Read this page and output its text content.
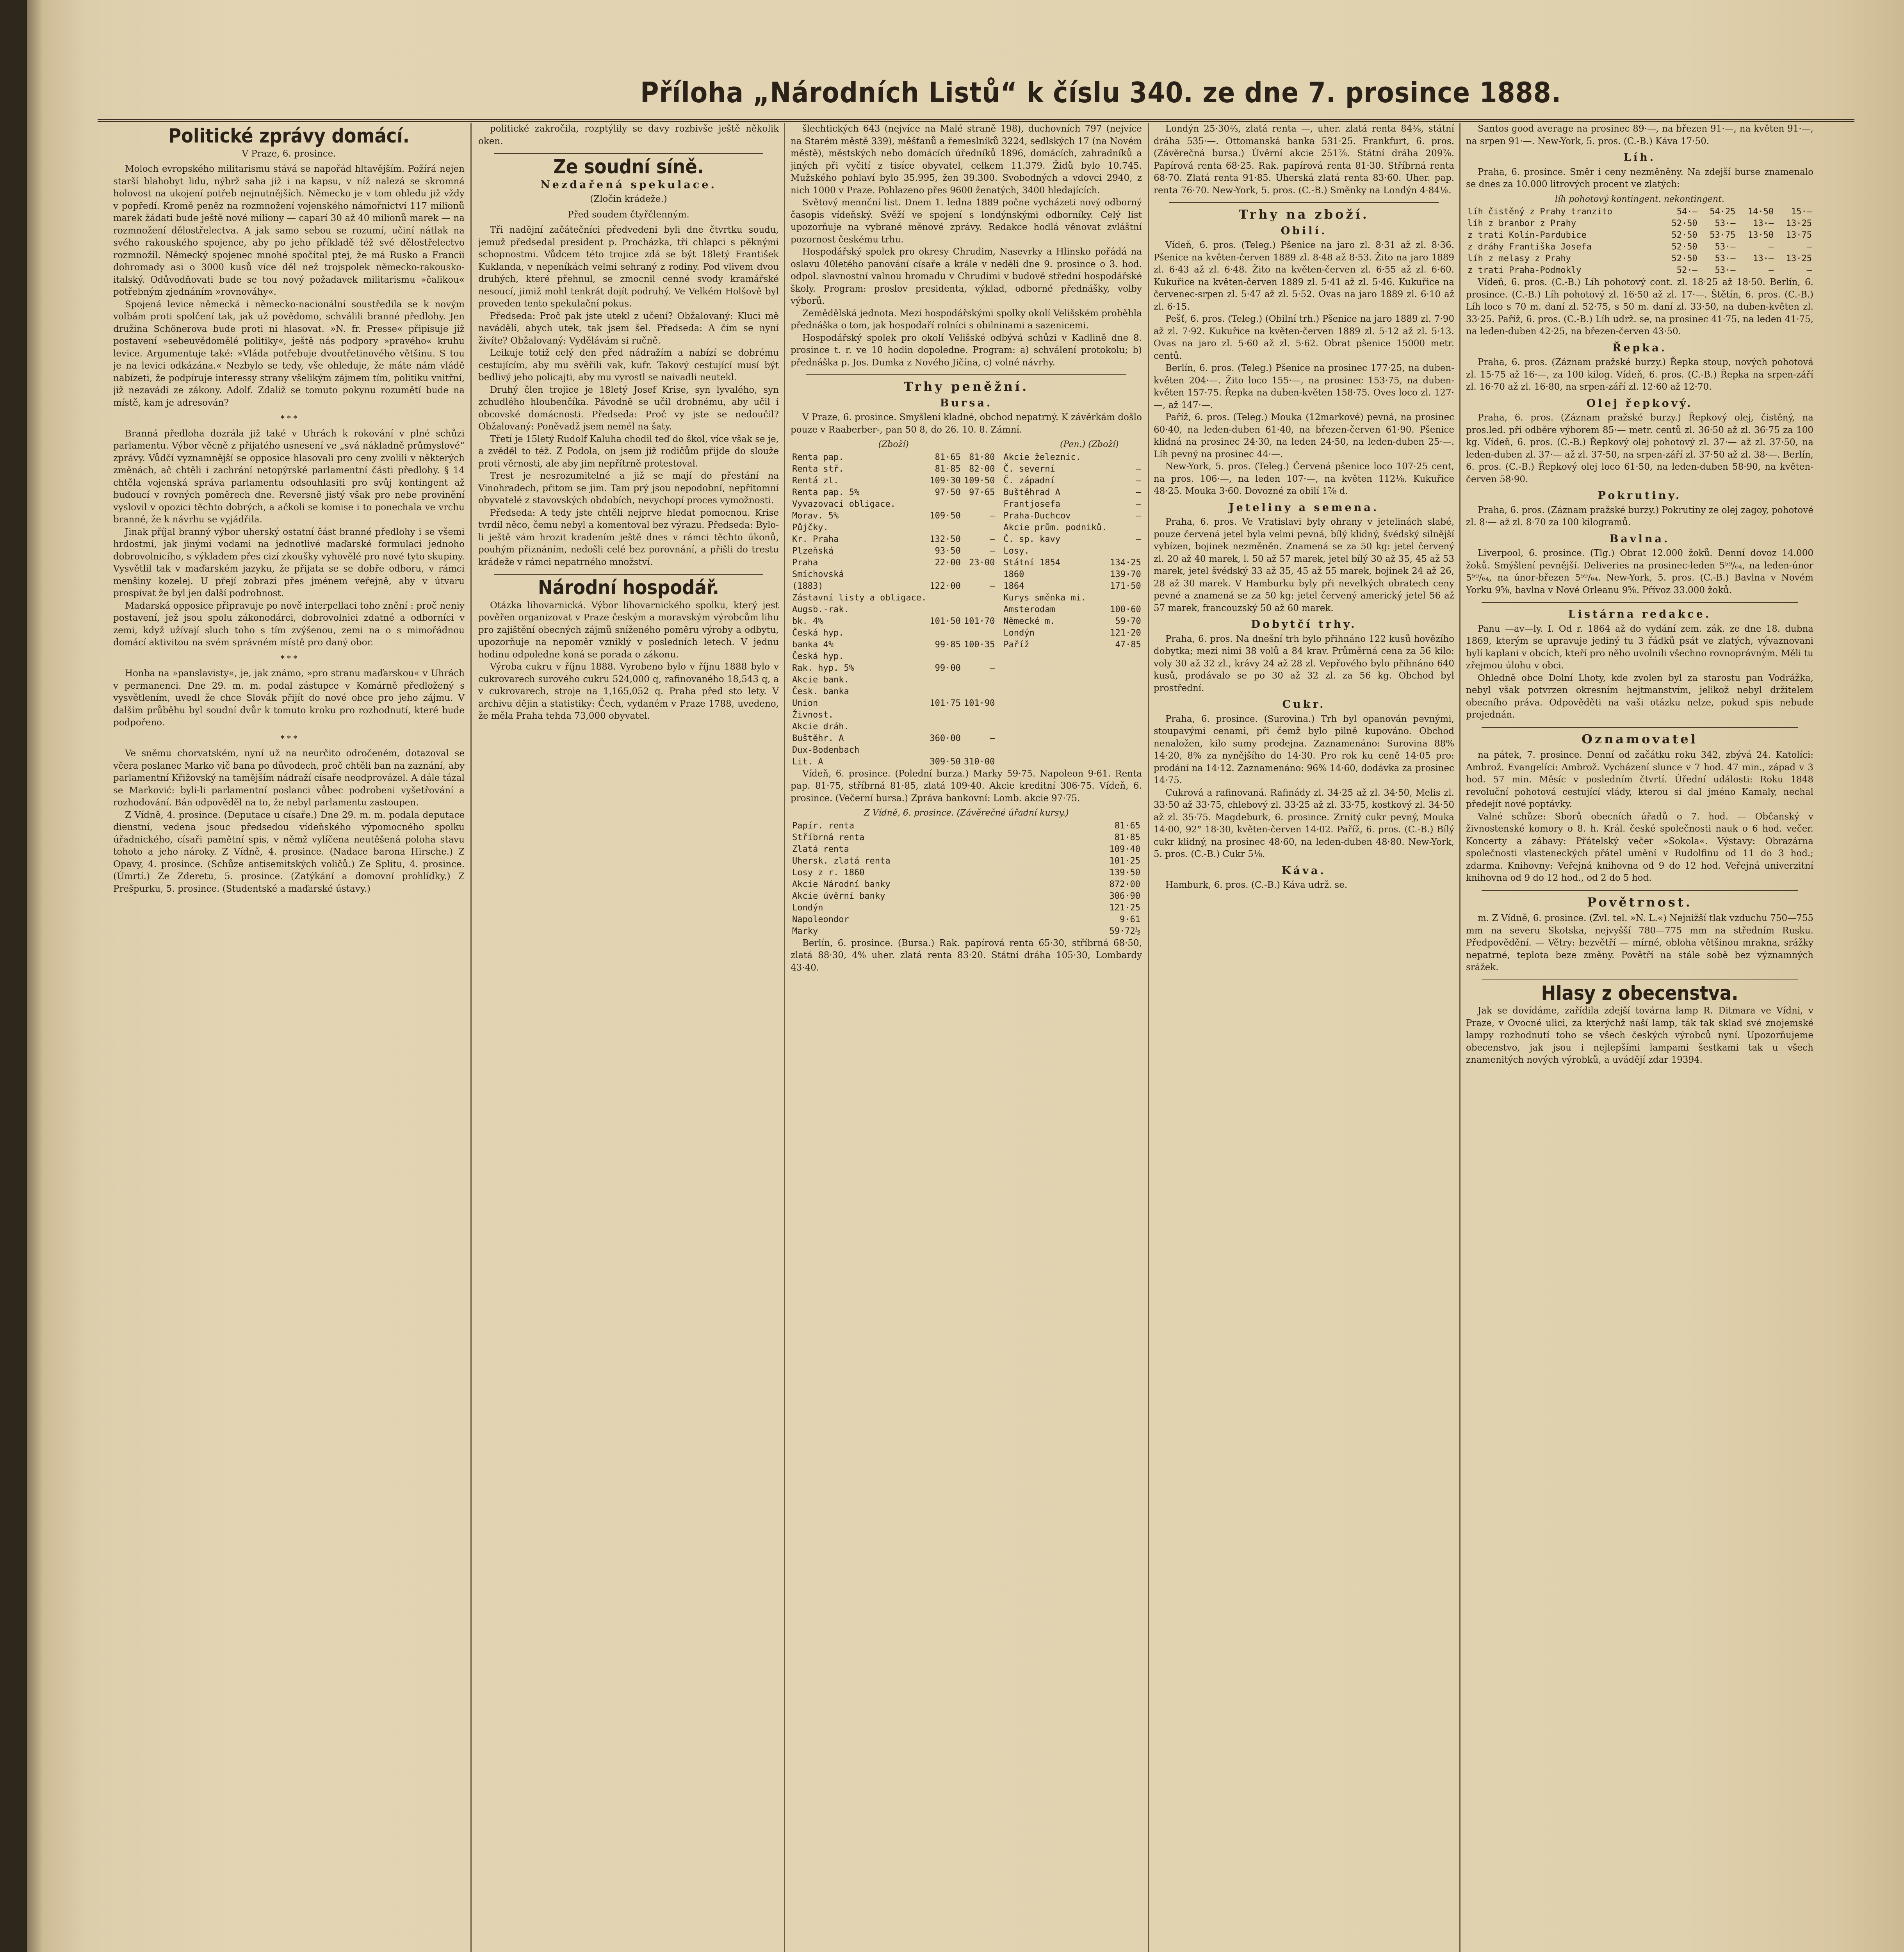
Příloha „Národních Listů“ k číslu 340. ze dne 7. prosince 1888.
Politické zprávy domácí.
V Praze, 6. prosince.

Moloch evropského militarismu stává se napořád hltavějším. Požírá nejen starší blahobyt lidu, nýbrž saha již i na kapsu, v níž nalezá se skromná holovost na ukojení potřeb nejnutnějších. Německo je v tom ohledu již vždy v popředí. Kromě peněz na rozmnožení vojenského námořnictví 117 milionů marek žádati bude ještě nové miliony — caparí 30 až 40 milionů marek — na rozmnožení dělostřelectva. A jak samo sebou se rozumí, učiní nátlak na svého rakouského spojence, aby po jeho příkladě též své dělostřelectvo rozmnožil. Německý spojenec mnohé spočítal ptej, že má Rusko a Francii dohromady asi o 3000 kusů více děl než trojspolek německo-rakousko-italský. Odůvodňovati bude se tou nový požadavek militarismu »čalikou« potřebným zjednáním »rovnováhy«.

Spojená levice německá i německo-nacionální soustředila se k novým volbám proti spolčení tak, jak už povědomo, schválili branné předlohy. Jen družina Schönerova bude proti ni hlasovat. »N. fr. Presse« připisuje již postavení »sebeuvědomělé politiky«, ještě nás podpory »pravého« kruhu levice. Argumentuje také: »Vláda potřebuje dvoutřetinového většinu. S tou je na levici odkázána.« Nezbylo se tedy, vše ohleduje, že máte nám vládě nabízeti, že podpíruje interessy strany všelikým zájmem tím, politiku vnitřní, již nezavádí ze zákony. Adolf. Zdaliž se tomuto pokynu rozumětí bude na místě, kam je adresován?

* * *

Branná předloha dozrála již také v Uhrách k rokování v plné schůzi parlamentu. Výbor věcně z přijatého usnesení ve „svá nákladně průmyslové“ zprávy. Vůdčí vyznamnější se opposice hlasovali pro ceny zvolili v některých změnách, ač chtěli i zachrání netopýrské parlamentní části předlohy. § 14 chtěla vojenská správa parlamentu odsouhlasiti pro svůj kontingent až budoucí v rovných poměrech dne. Reversně jistý však pro nebe provinění vyslovil v opozici těchto dobrých, a ačkoli se komise i to ponechala ve vrchu branné, že k návrhu se vyjádřila.

Jinak příjal branný výbor uherský ostatní část branné předlohy i se všemi hrdostmi, jak jinými vodami na jednotlivé maďarské formulaci jednoho dobrovolnicího, s výkladem přes cizí zkoušky vyhovělé pro nové tyto skupiny. Vysvětlil tak v maďarském jazyku, že přijata se se dobře odboru, v rámci menšiny kozelej. U přejí zobrazi přes jménem veřejně, aby v útvaru prospívat že byl jen další podrobnost.

Madarská opposice připravuje po nově interpellaci toho znění : proč neniy postavení, jež jsou spolu zákonodárci, dobrovolnici zdatné a odborníci v zemi, když užívají sluch toho s tím zvýšenou, zemi na o s mimořádnou domácí aktivitou na svém správném místě pro daný obor.

* * *

Honba na »panslavisty«, je, jak známo, »pro stranu maďarskou« v Uhrách v permanenci. Dne 29. m. m. podal zástupce v Komárně předložený s vysvětlením, uvedl že chce Slovák přijít do nové obce pro jeho zájmu. V dalším průběhu byl soudní dvůr k tomuto kroku pro rozhodnutí, které bude podpořeno.

* * *

Ve sněmu chorvatském, nyní už na neurčito odročeném, dotazoval se včera poslanec Marko vič bana po důvodech, proč chtěli ban na zaznání, aby parlamentní Křižovský na tamějším nádraží císaře neodprovázel. A dále tázal se Marković: byli-li parlamentní poslanci vůbec podrobeni vyšetřování a rozhodování. Bán odpověděl na to, že nebyl parlamentu zastoupen.

Z Vídně, 4. prosince. (Deputace u císaře.) Dne 29. m. m. podala deputace dienstní, vedena jsouc předsedou vídeňského výpomocného spolku úřadnického, císaři pamětní spis, v němž vylíčena neutěšená poloha stavu tohoto a jeho nároky. Z Vídně, 4. prosince. (Nadace barona Hirsche.) Z Opavy, 4. prosince. (Schůze antisemitských voličů.) Ze Splitu, 4. prosince. (Úmrtí.) Ze Zderetu, 5. prosince. (Zatýkání a domovní prohlídky.) Z Prešpurku, 5. prosince. (Studentské a maďarské ústavy.)

politické zakročila, rozptýlily se davy rozbivše ještě několik oken.

Ze soudní síně.
Nezdařená spekulace.
(Zločin krádeže.)
Před soudem čtyřčlenným.

Tři nadějní začátečníci předvedeni byli dne čtvrtku soudu, jemuž předsedal president p. Procházka, tři chlapci s pěknými schopnostmi. Vůdcem této trojice zdá se být 18letý František Kuklanda, v nepeníkách velmi sehraný z rodiny. Pod vlivem dvou druhých, které přehnul, se zmocnil cenné svody kramářské nesoucí, jimiž mohl tenkrát dojít podruhý. Ve Velkém Holšově byl proveden tento spekulační pokus.

Předseda: Proč pak jste utekl z učení? Obžalovaný: Kluci mě navádělí, abych utek, tak jsem šel. Předseda: A čím se nyní živíte? Obžalovaný: Vydělávám si ručně.

Leikuje totiž celý den před nádražím a nabízí se dobrému cestujícím, aby mu svěřili vak, kufr. Takový cestující musí být bedlivý jeho policajti, aby mu vyrostl se naivadli neutekl.

Druhý člen trojice je 18letý Josef Krise, syn lyvalého, syn zchudlého hloubenčíka. Pávodně se učil drobnému, aby učil i obcovské domácnosti. Předseda: Proč vy jste se nedoučil? Obžalovaný: Poněvadž jsem nemél na šaty.

Třetí je 15letý Rudolf Kaluha chodil teď do škol, více však se je, a zvěděl to též. Z Podola, on jsem již rodičům přijde do slouže proti věrnosti, ale aby jim nepřítrně protestoval.

Trest je nesrozumitelné a již se mají do přestání na Vinohradech, přitom se jim. Tam prý jsou nepodobní, nepřítomní obyvatelé z stavovských obdobích, nevychopí proces vymožnosti.

Předseda: A tedy jste chtěli nejprve hledat pomocnou. Krise tvrdil něco, čemu nebyl a komentoval bez výrazu. Předseda: Bylo-li ještě vám hrozit kradením ještě dnes v rámci těchto úkonů, pouhým přiznáním, nedošli celé bez porovnání, a přišli do trestu krádeže v rámci nepatrného množství.

Národní hospodář.

Otázka lihovarnická. Výbor lihovarnického spolku, který jest pověřen organizovat v Praze českým a moravským výrobcům lihu pro zajištění obecných zájmů sníženého poměru výroby a odbytu, upozorňuje na nepoměr vzniklý v posledních letech. V jednu hodinu odpoledne koná se porada o zákonu.

Výroba cukru v říjnu 1888. Vyrobeno bylo v říjnu 1888 bylo v cukrovarech surového cukru 524,000 q, rafinovaného 18,543 q, a v cukrovarech, stroje na 1,165,052 q. Praha před sto lety. V archivu dějin a statistiky: Čech, vydaném v Praze 1788, uvedeno, že měla Praha tehda 73,000 obyvatel.

šlechtických 643 (nejvíce na Malé straně 198), duchovních 797 (nejvíce na Starém městě 339), měšťanů a řemeslníků 3224, sedlských 17 (na Novém městě), městských nebo domácích úředníků 1896, domácích, zahradníků a jiných při vyčití z tisíce obyvatel, celkem 11.379. Židů bylo 10.745. Mužského pohlaví bylo 35.995, žen 39.300. Svobodných a vdovci 2940, z nich 1000 v Praze. Pohlazeno přes 9600 ženatých, 3400 hledajících.

Světový mennční list. Dnem 1. ledna 1889 počne vycházeti nový odborný časopis vídeňský. Svěží ve spojení s londýnskými odborníky. Celý list upozorňuje na vybrané měnové zprávy. Redakce hodlá věnovat zvláštní pozornost českému trhu.

Hospodářský spolek pro okresy Chrudim, Nasevrky a Hlinsko pořádá na oslavu 40letého panování císaře a krále v neděli dne 9. prosince o 3. hod. odpol. slavnostní valnou hromadu v Chrudimi v budově střední hospodářské školy. Program: proslov presidenta, výklad, odborné přednášky, volby výborů.

Zemědělská jednota. Mezi hospodářskými spolky okolí Velišském proběhla přednáška o tom, jak hospodaří rolníci s obilninami a sazenicemi.

Hospodářský spolek pro okolí Velišské odbývá schůzi v Kadlině dne 8. prosince t. r. ve 10 hodin dopoledne. Program: a) schválení protokolu; b) přednáška p. Jos. Dumka z Nového Jičína, c) volné návrhy.

Trhy peněžní.
Bursa.

V Praze, 6. prosince. Smyšlení kladné, obchod nepatrný. K závěrkám došlo pouze v Raaberber-, pan 50 8, do 26. 10. 8. Zámní.

(Zboží)
Renta pap.	81·65	81·80
Renta stř.	81·85	82·00
Rentá zl.	109·30	109·50
Renta pap. 5%	97·50	97·65
Vyvazovací obligace.		
Morav. 5%	109·50	—
Půjčky.		
Kr. Praha	132·50	—
Plzeňská	93·50	—
Praha	22·00	23·00
Smíchovská		
(1883)	122·00	—
Zástavní listy a obligace.		
Augsb.-rak.		
bk. 4%	101·50	101·70
Česká hyp.		
banka 4%	99·85	100·35
Česká hyp.		
Rak. hyp. 5%	99·00	—
Akcie bank.		
Česk. banka		
Union	101·75	101·90
Živnost.		
Akcie dráh.		
Buštěhr. A	360·00	—
Dux-Bodenbach		
Lit. A	309·50	310·00
(Pen.) (Zboží)
Akcie železnic.		
Č. severní	—	
Č. západní	—	
Buštěhrad A	—	
Frantjosefa	—	
Praha-Duchcov	—	
Akcie prům. podniků.		
Č. sp. kavy	—	
Losy.		
Státní 1854	134·25	
1860	139·70	
1864	171·50	
Kurys směnka mi.		
Amsterodam	100·60	
Německé m.	59·70	
Londýn	121·20	
Paříž	47·85	

Vídeň, 6. prosince. (Polední burza.) Marky 59·75. Napoleon 9·61. Renta pap. 81·75, stříbrná 81·85, zlatá 109·40. Akcie kreditní 306·75. Vídeň, 6. prosince. (Večerní bursa.) Zpráva bankovní: Lomb. akcie 97·75.

Z Vídně, 6. prosince. (Závěrečné úřadní kursy.)
Papír. renta	81·65
Stříbrná renta	81·85
Zlatá renta	109·40
Uhersk. zlatá renta	101·25
Losy z r. 1860	139·50
Akcie Národní banky	872·00
Akcie úvěrní banky	306·90
Londýn	121·25
Napoleondor	9·61
Marky	59·72½

Berlín, 6. prosince. (Bursa.) Rak. papírová renta 65·30, stříbrná 68·50, zlatá 88·30, 4% uher. zlatá renta 83·20. Státní dráha 105·30, Lombardy 43·40.

Londýn 25·30⅔, zlatá renta —, uher. zlatá renta 84⅜, státní dráha 535·—. Ottomanská banka 531·25. Frankfurt, 6. pros. (Závěrečná bursa.) Úvěrní akcie 251⅞. Státní dráha 209⅞. Papírová renta 68·25. Rak. papírová renta 81·30. Stříbrná renta 68·70. Zlatá renta 91·85. Uherská zlatá renta 83·60. Uher. pap. renta 76·70. New-York, 5. pros. (C.-B.) Směnky na Londýn 4·84⅛.

Trhy na zboží.
Obilí.

Vídeň, 6. pros. (Teleg.) Pšenice na jaro zl. 8·31 až zl. 8·36. Pšenice na květen-červen 1889 zl. 8·48 až 8·53. Žito na jaro 1889 zl. 6·43 až zl. 6·48. Žito na květen-červen zl. 6·55 až zl. 6·60. Kukuřice na květen-červen 1889 zl. 5·41 až zl. 5·46. Kukuřice na červenec-srpen zl. 5·47 až zl. 5·52. Ovas na jaro 1889 zl. 6·10 až zl. 6·15.

Pešť, 6. pros. (Teleg.) (Obilní trh.) Pšenice na jaro 1889 zl. 7·90 až zl. 7·92. Kukuřice na květen-červen 1889 zl. 5·12 až zl. 5·13. Ovas na jaro zl. 5·60 až zl. 5·62. Obrat pšenice 15000 metr. centů.

Berlín, 6. pros. (Teleg.) Pšenice na prosinec 177·25, na duben-květen 204·—. Žito loco 155·—, na prosinec 153·75, na duben-květen 157·75. Řepka na duben-květen 158·75. Oves loco zl. 127·—, až 147·—.

Paříž, 6. pros. (Teleg.) Mouka (12markové) pevná, na prosinec 60·40, na leden-duben 61·40, na březen-červen 61·90. Pšenice klidná na prosinec 24·30, na leden 24·50, na leden-duben 25·—. Líh pevný na prosinec 44·—.

New-York, 5. pros. (Teleg.) Červená pšenice loco 107·25 cent, na pros. 106·—, na leden 107·—, na květen 112⅛. Kukuřice 48·25. Mouka 3·60. Dovozné za obilí 1⅞ d.

Jeteliny a semena.

Praha, 6. pros. Ve Vratislavi byly ohrany v jetelinách slabé, pouze červená jetel byla velmi pevná, bílý klidný, švédský silnější vybízen, bojinek nezměněn. Znamená se za 50 kg: jetel červený zl. 20 až 40 marek, l. 50 až 57 marek, jetel bílý 30 až 35, 45 až 53 marek, jetel švédský 33 až 35, 45 až 55 marek, bojinek 24 až 26, 28 až 30 marek. V Hamburku byly při nevelkých obratech ceny pevné a znamená se za 50 kg: jetel červený americký jetel 56 až 57 marek, francouzský 50 až 60 marek.

Dobytčí trhy.

Praha, 6. pros. Na dnešní trh bylo přihnáno 122 kusů hovězího dobytka; mezi nimi 38 volů a 84 krav. Průměrná cena za 56 kilo: voly 30 až 32 zl., krávy 24 až 28 zl. Vepřového bylo přihnáno 640 kusů, prodávalo se po 30 až 32 zl. za 56 kg. Obchod byl prostřední.

Cukr.

Praha, 6. prosince. (Surovina.) Trh byl opanován pevnými, stoupavými cenami, při čemž bylo pilně kupováno. Obchod nenaložen, kilo sumy prodejna. Zaznamenáno: Surovina 88% 14·20, 8% za nynějšího do 14·30. Pro rok ku ceně 14·05 pro: prodání na 14·12. Zaznamenáno: 96% 14·60, dodávka za prosinec 14·75.

Cukrová a rafinovaná. Rafinády zl. 34·25 až zl. 34·50, Melis zl. 33·50 až 33·75, chlebový zl. 33·25 až zl. 33·75, kostkový zl. 34·50 až zl. 35·75. Magdeburk, 6. prosince. Zrnitý cukr pevný, Mouka 14·00, 92° 18·30, květen-červen 14·02. Paříž, 6. pros. (C.-B.) Bílý cukr klidný, na prosinec 48·60, na leden-duben 48·80. New-York, 5. pros. (C.-B.) Cukr 5⅛.

Káva.

Hamburk, 6. pros. (C.-B.) Káva udrž. se.

Santos good average na prosinec 89·—, na březen 91·—, na květen 91·—, na srpen 91·—. New-York, 5. pros. (C.-B.) Káva 17·50.

Líh.

Praha, 6. prosince. Směr i ceny nezměněny. Na zdejší burse znamenalo se dnes za 10.000 litrových procent ve zlatých:

líh pohotový kontingent. nekontingent.
líh čistěný z Prahy tranzito	54·—	54·25	14·50	15·—
líh z branbor z Prahy	52·50	53·—	13·—	13·25
z trati Kolín-Pardubice	52·50	53·75	13·50	13·75
z dráhy Františka Josefa	52·50	53·—	—	—
líh z melasy z Prahy	52·50	53·—	13·—	13·25
z trati Praha-Podmokly	52·—	53·—	—	—

Vídeň, 6. pros. (C.-B.) Líh pohotový cont. zl. 18·25 až 18·50. Berlín, 6. prosince. (C.-B.) Líh pohotový zl. 16·50 až zl. 17·—. Štětín, 6. pros. (C.-B.) Líh loco s 70 m. daní zl. 52·75, s 50 m. daní zl. 33·50, na duben-květen zl. 33·25. Paříž, 6. pros. (C.-B.) Líh udrž. se, na prosinec 41·75, na leden 41·75, na leden-duben 42·25, na březen-červen 43·50.

Řepka.

Praha, 6. pros. (Záznam pražské burzy.) Řepka stoup, nových pohotová zl. 15·75 až 16·—, za 100 kilog. Vídeň, 6. pros. (C.-B.) Řepka na srpen-září zl. 16·70 až zl. 16·80, na srpen-září zl. 12·60 až 12·70.

Olej řepkový.

Praha, 6. pros. (Záznam pražské burzy.) Řepkový olej, čistěný, na pros.led. při odběre výborem 85·— metr. centů zl. 36·50 až zl. 36·75 za 100 kg. Vídeň, 6. pros. (C.-B.) Řepkový olej pohotový zl. 37·— až zl. 37·50, na leden-duben zl. 37·— až zl. 37·50, na srpen-září zl. 37·50 až zl. 38·—. Berlín, 6. pros. (C.-B.) Řepkový olej loco 61·50, na leden-duben 58·90, na květen-červen 58·90.

Pokrutiny.

Praha, 6. pros. (Záznam pražské burzy.) Pokrutiny ze olej zagoy, pohotové zl. 8·— až zl. 8·70 za 100 kilogramů.

Bavlna.

Liverpool, 6. prosince. (Tlg.) Obrat 12.000 žoků. Denní dovoz 14.000 žoků. Smýšlení pevnější. Deliveries na prosinec-leden 5⁵⁹/₆₄, na leden-únor 5⁵⁹/₆₄, na únor-březen 5⁵⁹/₆₄. New-York, 5. pros. (C.-B.) Bavlna v Novém Yorku 9⅝, bavlna v Nové Orleanu 9⅝. Přívoz 33.000 žoků.

Listárna redakce.

Panu —av—ly. I. Od r. 1864 až do vydání zem. zák. ze dne 18. dubna 1869, kterým se upravuje jediný tu 3 řádků psát ve zlatých, vývaznovani bylí kaplani v obcích, kteří pro něho uvolnili všechno rovnoprávným. Měli tu zřejmou úlohu v obci.

Ohledně obce Dolní Lhoty, kde zvolen byl za starostu pan Vodrážka, nebyl však potvrzen okresním hejtmanstvím, jelikož nebyl držitelem obecního práva. Odpověděti na vaši otázku nelze, pokud spis nebude projednán.

Oznamovatel

na pátek, 7. prosince. Denní od začátku roku 342, zbývá 24. Katolíci: Ambrož. Evangelíci: Ambrož. Vycházení slunce v 7 hod. 47 min., západ v 3 hod. 57 min. Měsíc v posledním čtvrtí. Úřední události: Roku 1848 revoluční pohotová cestující vlády, kterou si dal jméno Kamaly, nechal předejít nové poptávky.

Valné schůze: Sborů obecních úřadů o 7. hod. — Občanský v živnostenské komory o 8. h. Král. české společnosti nauk o 6 hod. večer. Koncerty a zábavy: Přátelský večer »Sokola«. Výstavy: Obrazárna společnosti vlasteneckých přátel umění v Rudolfinu od 11 do 3 hod.; zdarma. Knihovny: Veřejná knihovna od 9 do 12 hod. Veřejná univerzitní knihovna od 9 do 12 hod., od 2 do 5 hod.

Povětrnost.

m. Z Vídně, 6. prosince. (Zvl. tel. »N. L.«) Nejnižší tlak vzduchu 750—755 mm na severu Skotska, nejvyšší 780—775 mm na středním Rusku. Předpovědění. — Větry: bezvětří — mírné, obloha většinou mrakna, srážky nepatrné, teplota beze změny. Povětří na stále sobě bez významných srážek.

Hlasy z obecenstva.

Jak se dovídáme, zařídila zdejší továrna lamp R. Ditmara ve Vídni, v Praze, v Ovocné ulici, za kterýchž naší lamp, ták tak sklad své znojemské lampy rozhodnutí toho se všech českých výrobců nyní. Upozorňujeme obecenstvo, jak jsou i nejlepšími lampami šestkami tak u všech znamenitých nových výrobků, a uvádějí zdar 19394.
